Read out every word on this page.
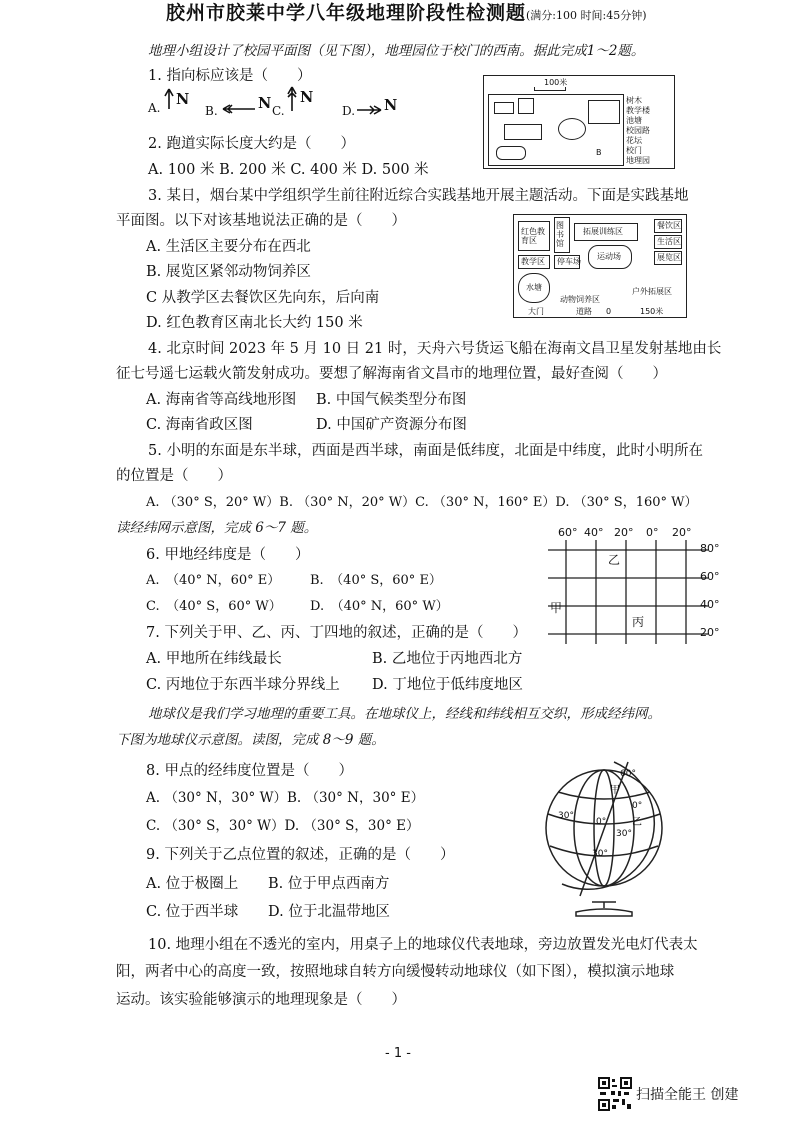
胶州市胶莱中学八年级地理阶段性检测题(满分:100 时间:45分钟)
地理小组设计了校园平面图（见下图），地理园位于校门的西南。据此完成1～2题。
1. 指向标应该是（　　）
A. N
B.	N C.
N
D. N
100米
B
树木
教学楼
池塘
校园路
花坛
校门
地理园
2. 跑道实际长度大约是（　　）
A. 100 米 B. 200 米 C. 400 米 D. 500 米
3. 某日，烟台某中学组织学生前往附近综合实践基地开展主题活动。下面是实践基地
平面图。以下对该基地说法正确的是（　　）
A. 生活区主要分布在西北
B. 展览区紧邻动物饲养区
C 从教学区去餐饮区先向东，后向南
D. 红色教育区南北长大约 150 米
红色教育区
图书馆
拓展训练区
运动场
餐饮区
生活区
展览区
教学区 停车场
水塘
动物饲养区
户外拓展区
大门	道路 0	150米
4. 北京时间 2023 年 5 月 10 日 21 时，天舟六号货运飞船在海南文昌卫星发射基地由长
征七号遥七运载火箭发射成功。要想了解海南省文昌市的地理位置，最好查阅（　　）
A. 海南省等高线地形图 B. 中国气候类型分布图
C. 海南省政区图	D. 中国矿产资源分布图
5. 小明的东面是东半球，西面是西半球，南面是低纬度，北面是中纬度，此时小明所在
的位置是（　　）
A. （30° S，20° W）B. （30° N，20° W）C. （30° N，160° E）D. （30° S，160° W）
读经纬网示意图，完成 6～7 题。	60° 40° 20° 0° 20°
80°
60°
40°
20°
乙
甲
丙
6. 甲地经纬度是（　　）
A.　（40° N，60° E） B.　（40° S，60° E）
C.　（40° S，60° W） D.　（40° N，60° W）
7. 下列关于甲、乙、丙、丁四地的叙述，正确的是（　　）
A. 甲地所在纬线最长	B. 乙地位于丙地西北方
C. 丙地位于东西半球分界线上 D. 丁地位于低纬度地区
地球仪是我们学习地理的重要工具。在地球仪上，经线和纬线相互交织，形成经纬网。
下图为地球仪示意图。读图，完成 8～9 题。
8. 甲点的经纬度位置是（　　）
A. （30° N，30° W）B. （30° N，30° E）
C. （30° S，30° W）D. （30° S，30° E）
9. 下列关于乙点位置的叙述，正确的是（　　）
A. 位于极圈上 B. 位于甲点西南方
C. 位于西半球 D. 位于北温带地区
60°
30°
0°
30°
30°
0°
甲
乙
10. 地理小组在不透光的室内，用桌子上的地球仪代表地球，旁边放置发光电灯代表太
阳，两者中心的高度一致，按照地球自转方向缓慢转动地球仪（如下图），模拟演示地球
运动。该实验能够演示的地理现象是（　　）
- 1 -
扫描全能王 创建
